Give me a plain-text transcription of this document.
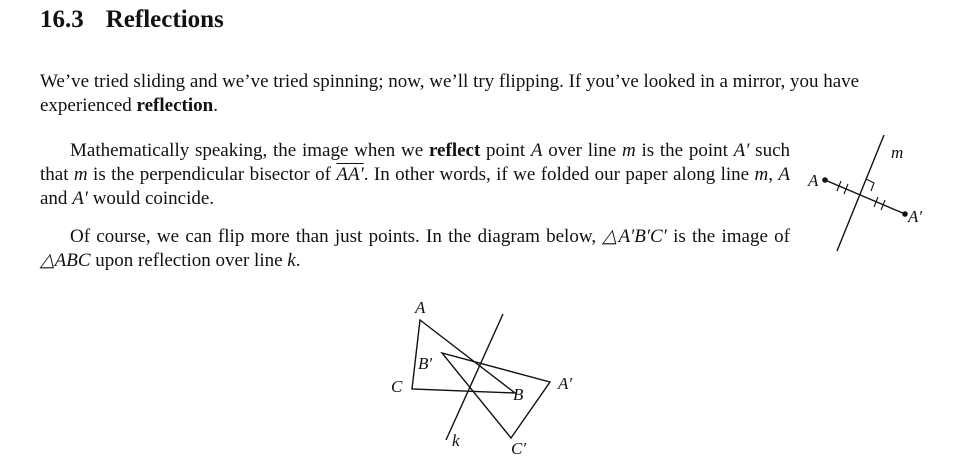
16.3 Reflections

We’ve tried sliding and we’ve tried spinning; now, we’ll try flipping. If you’ve looked in a mirror, you have experienced reflection.

Mathematically speaking, the image when we reflect point A over line m is the point A′ such that m is the perpendicular bisector of AA′. In other words, if we folded our paper along line m, A and A′ would coincide.

Of course, we can flip more than just points. In the diagram below, △A′B′C′ is the image of △ABC upon reflection over line k.

m
A
A′
A
B′
C	B
A′
k	C′
